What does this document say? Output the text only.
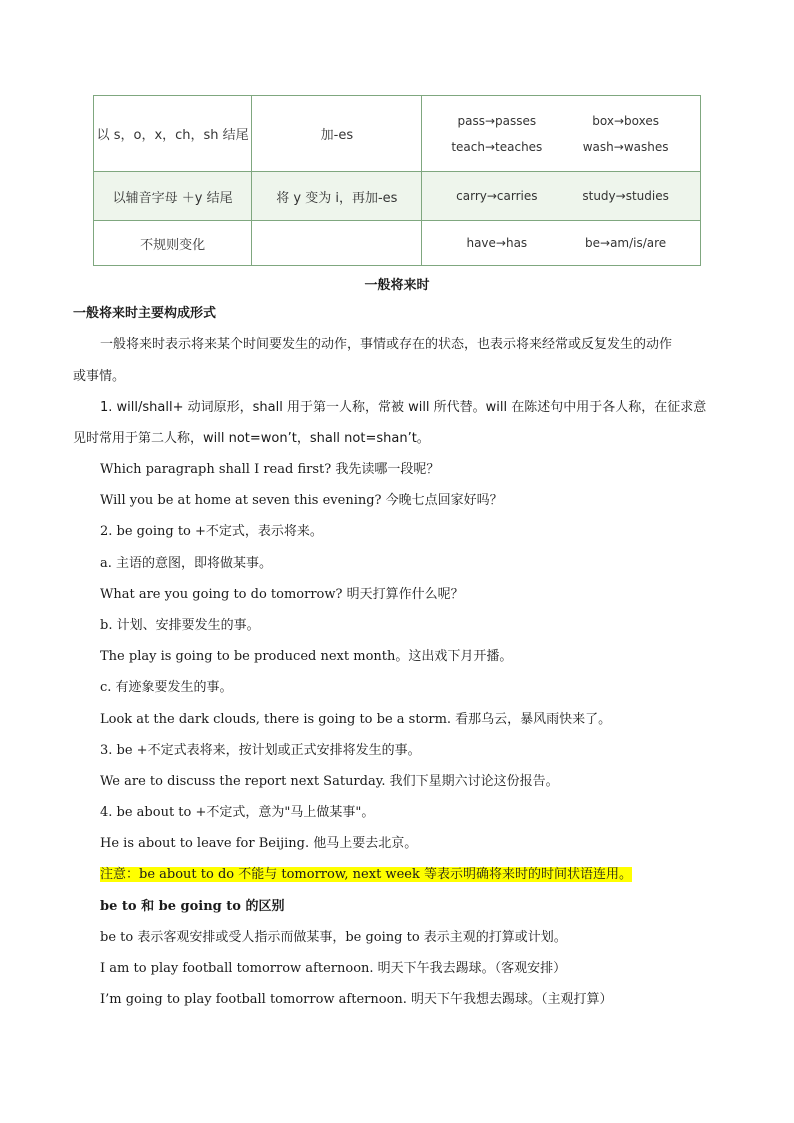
以 s，o，x，ch，sh 结尾	加-es	pass→passes box→boxes
teach→teaches wash→washes

以辅音字母 ＋y 结尾	将 y 变为 i，再加-es	carry→carries study→studies

不规则变化		have→has be→am/is/are
一般将来时
一般将来时主要构成形式
一般将来时表示将来某个时间要发生的动作，事情或存在的状态，也表示将来经常或反复发生的动作
或事情。
1. will/shall+ 动词原形，shall 用于第一人称，常被 will 所代替。will 在陈述句中用于各人称，在征求意
见时常用于第二人称，will not=won’t，shall not=shan’t。
Which paragraph shall I read first? 我先读哪一段呢？
Will you be at home at seven this evening? 今晚七点回家好吗？
2. be going to +不定式，表示将来。
a. 主语的意图，即将做某事。
What are you going to do tomorrow? 明天打算作什么呢？
b. 计划、安排要发生的事。
The play is going to be produced next month。这出戏下月开播。
c. 有迹象要发生的事。
Look at the dark clouds, there is going to be a storm. 看那乌云，暴风雨快来了。
3. be +不定式表将来，按计划或正式安排将发生的事。
We are to discuss the report next Saturday. 我们下星期六讨论这份报告。
4. be about to +不定式，意为"马上做某事"。
He is about to leave for Beijing. 他马上要去北京。
注意：be about to do 不能与 tomorrow, next week 等表示明确将来时的时间状语连用。
be to 和 be going to 的区别
be to 表示客观安排或受人指示而做某事，be going to 表示主观的打算或计划。
I am to play football tomorrow afternoon. 明天下午我去踢球。（客观安排）
I’m going to play football tomorrow afternoon. 明天下午我想去踢球。（主观打算）
